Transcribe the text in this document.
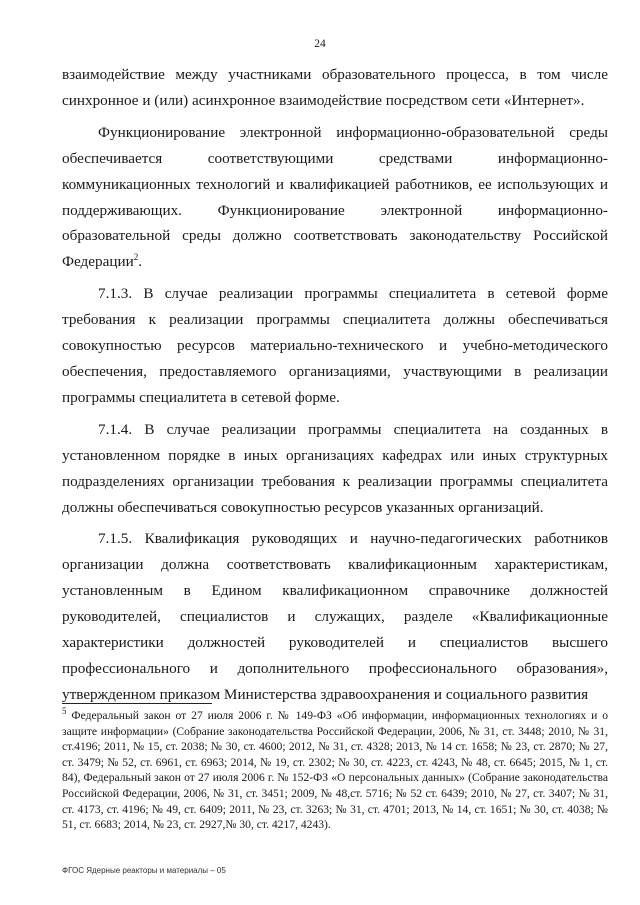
24

взаимодействие между участниками образовательного процесса, в том числе синхронное и (или) асинхронное взаимодействие посредством сети «Интернет».

Функционирование электронной информационно-образовательной среды обеспечивается соответствующими средствами информационно-коммуникационных технологий и квалификацией работников, ее использующих и поддерживающих. Функционирование электронной информационно-образовательной среды должно соответствовать законодательству Российской Федерации$^2$.

7.1.3. В случае реализации программы специалитета в сетевой форме требования к реализации программы специалитета должны обеспечиваться совокупностью ресурсов материально-технического и учебно-методического обеспечения, предоставляемого организациями, участвующими в реализации программы специалитета в сетевой форме.

7.1.4. В случае реализации программы специалитета на созданных в установленном порядке в иных организациях кафедрах или иных структурных подразделениях организации требования к реализации программы специалитета должны обеспечиваться совокупностью ресурсов указанных организаций.

7.1.5. Квалификация руководящих и научно-педагогических работников организации должна соответствовать квалификационным характеристикам, установленным в Едином квалификационном справочнике должностей руководителей, специалистов и служащих, разделе «Квалификационные характеристики должностей руководителей и специалистов высшего профессионального и дополнительного профессионального образования», утвержденном приказом Министерства здравоохранения и социального развития

$^5$ Федеральный закон от 27 июля 2006 г. № 149-ФЗ «Об информации, информационных технологиях и о защите информации» (Собрание законодательства Российской Федерации, 2006, № 31, ст. 3448; 2010, № 31, ст.4196; 2011, № 15, ст. 2038; № 30, ст. 4600; 2012, № 31, ст. 4328; 2013, № 14 ст. 1658; № 23, ст. 2870; № 27, ст. 3479; № 52, ст. 6961, ст. 6963; 2014, № 19, ст. 2302; № 30, ст. 4223, ст. 4243, № 48, ст. 6645; 2015, № 1, ст. 84), Федеральный закон от 27 июля 2006 г. № 152-ФЗ «О персональных данных» (Собрание законодательства Российской Федерации, 2006, № 31, ст. 3451; 2009, № 48,ст. 5716; № 52 ст. 6439; 2010, № 27, ст. 3407; № 31, ст. 4173, ст. 4196; № 49, ст. 6409; 2011, № 23, ст. 3263; № 31, ст. 4701; 2013, № 14, ст. 1651; № 30, ст. 4038; № 51, ст. 6683; 2014, № 23, ст. 2927,№ 30, ст. 4217, 4243).

ФГОС Ядерные реакторы и материалы – 05
